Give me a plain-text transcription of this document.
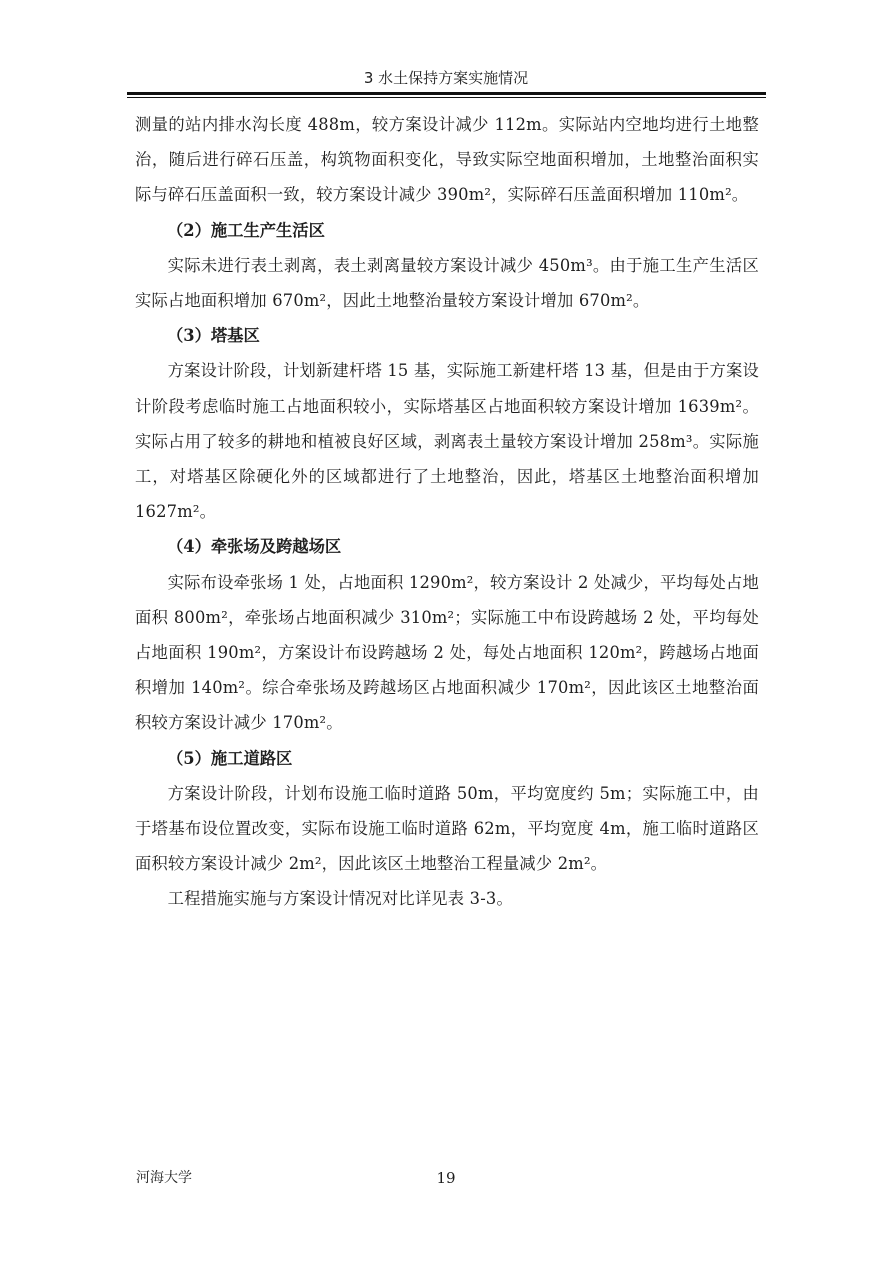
3 水土保持方案实施情况

测量的站内排水沟长度 488m，较方案设计减少 112m。实际站内空地均进行土地整治，随后进行碎石压盖，构筑物面积变化，导致实际空地面积增加，土地整治面积实际与碎石压盖面积一致，较方案设计减少 390m²，实际碎石压盖面积增加 110m²。

（2）施工生产生活区

实际未进行表土剥离，表土剥离量较方案设计减少 450m³。由于施工生产生活区实际占地面积增加 670m²，因此土地整治量较方案设计增加 670m²。

（3）塔基区

方案设计阶段，计划新建杆塔 15 基，实际施工新建杆塔 13 基，但是由于方案设计阶段考虑临时施工占地面积较小，实际塔基区占地面积较方案设计增加 1639m²。实际占用了较多的耕地和植被良好区域，剥离表土量较方案设计增加 258m³。实际施工，对塔基区除硬化外的区域都进行了土地整治，因此，塔基区土地整治面积增加 1627m²。

（4）牵张场及跨越场区

实际布设牵张场 1 处，占地面积 1290m²，较方案设计 2 处减少，平均每处占地面积 800m²，牵张场占地面积减少 310m²；实际施工中布设跨越场 2 处，平均每处占地面积 190m²，方案设计布设跨越场 2 处，每处占地面积 120m²，跨越场占地面积增加 140m²。综合牵张场及跨越场区占地面积减少 170m²，因此该区土地整治面积较方案设计减少 170m²。

（5）施工道路区

方案设计阶段，计划布设施工临时道路 50m，平均宽度约 5m；实际施工中，由于塔基布设位置改变，实际布设施工临时道路 62m，平均宽度 4m，施工临时道路区面积较方案设计减少 2m²，因此该区土地整治工程量减少 2m²。

工程措施实施与方案设计情况对比详见表 3-3。

河海大学	19
